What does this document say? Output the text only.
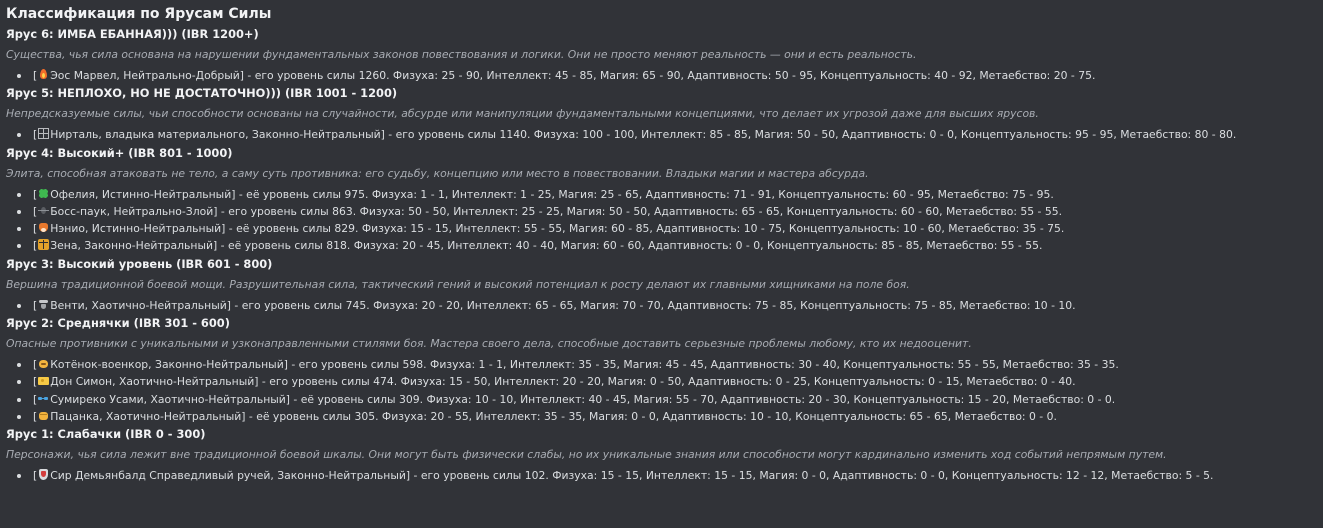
Классификация по Ярусам Силы
Ярус 6: ИМБА ЕБАННАЯ))) (IBR 1200+)
Существа, чья сила основана на нарушении фундаментальных законов повествования и логики. Они не просто меняют реальность — они и есть реальность.
[ Эос Марвел, Нейтрально-Добрый] - его уровень силы 1260. Физуха: 25 - 90, Интеллект: 45 - 85, Магия: 65 - 90, Адаптивность: 50 - 95, Концептуальность: 40 - 92, Метаебство: 20 - 75.
Ярус 5: НЕПЛОХО, НО НЕ ДОСТАТОЧНО))) (IBR 1001 - 1200)
Непредсказуемые силы, чьи способности основаны на случайности, абсурде или манипуляции фундаментальными концепциями, что делает их угрозой даже для высших ярусов.
[ Нирталь, владыка материального, Законно-Нейтральный] - его уровень силы 1140. Физуха: 100 - 100, Интеллект: 85 - 85, Магия: 50 - 50, Адаптивность: 0 - 0, Концептуальность: 95 - 95, Метаебство: 80 - 80.
Ярус 4: Высокий+ (IBR 801 - 1000)
Элита, способная атаковать не тело, а саму суть противника: его судьбу, концепцию или место в повествовании. Владыки магии и мастера абсурда.
[ Офелия, Истинно-Нейтральный] - её уровень силы 975. Физуха: 1 - 1, Интеллект: 1 - 25, Магия: 25 - 65, Адаптивность: 71 - 91, Концептуальность: 60 - 95, Метаебство: 75 - 95.
[ Босс-паук, Нейтрально-Злой] - его уровень силы 863. Физуха: 50 - 50, Интеллект: 25 - 25, Магия: 50 - 50, Адаптивность: 65 - 65, Концептуальность: 60 - 60, Метаебство: 55 - 55.
[ Нэнио, Истинно-Нейтральный] - её уровень силы 829. Физуха: 15 - 15, Интеллект: 55 - 55, Магия: 60 - 85, Адаптивность: 10 - 75, Концептуальность: 10 - 60, Метаебство: 35 - 75.
[ Зена, Законно-Нейтральный] - её уровень силы 818. Физуха: 20 - 45, Интеллект: 40 - 40, Магия: 60 - 60, Адаптивность: 0 - 0, Концептуальность: 85 - 85, Метаебство: 55 - 55.
Ярус 3: Высокий уровень (IBR 601 - 800)
Вершина традиционной боевой мощи. Разрушительная сила, тактический гений и высокий потенциал к росту делают их главными хищниками на поле боя.
[ Венти, Хаотично-Нейтральный] - его уровень силы 745. Физуха: 20 - 20, Интеллект: 65 - 65, Магия: 70 - 70, Адаптивность: 75 - 85, Концептуальность: 75 - 85, Метаебство: 10 - 10.
Ярус 2: Среднячки (IBR 301 - 600)
Опасные противники с уникальными и узконаправленными стилями боя. Мастера своего дела, способные доставить серьезные проблемы любому, кто их недооценит.
[ Котёнок-военкор, Законно-Нейтральный] - его уровень силы 598. Физуха: 1 - 1, Интеллект: 35 - 35, Магия: 45 - 45, Адаптивность: 30 - 40, Концептуальность: 55 - 55, Метаебство: 35 - 35.
[ Дон Симон, Хаотично-Нейтральный] - его уровень силы 474. Физуха: 15 - 50, Интеллект: 20 - 20, Магия: 0 - 50, Адаптивность: 0 - 25, Концептуальность: 0 - 15, Метаебство: 0 - 40.
[ Сумиреко Усами, Хаотично-Нейтральный] - её уровень силы 309. Физуха: 10 - 10, Интеллект: 40 - 45, Магия: 55 - 70, Адаптивность: 20 - 30, Концептуальность: 15 - 20, Метаебство: 0 - 0.
[ Пацанка, Хаотично-Нейтральный] - её уровень силы 305. Физуха: 20 - 55, Интеллект: 35 - 35, Магия: 0 - 0, Адаптивность: 10 - 10, Концептуальность: 65 - 65, Метаебство: 0 - 0.
Ярус 1: Слабачки (IBR 0 - 300)
Персонажи, чья сила лежит вне традиционной боевой шкалы. Они могут быть физически слабы, но их уникальные знания или способности могут кардинально изменить ход событий непрямым путем.
[ Сир Демьянбалд Справедливый ручей, Законно-Нейтральный] - его уровень силы 102. Физуха: 15 - 15, Интеллект: 15 - 15, Магия: 0 - 0, Адаптивность: 0 - 0, Концептуальность: 12 - 12, Метаебство: 5 - 5.
